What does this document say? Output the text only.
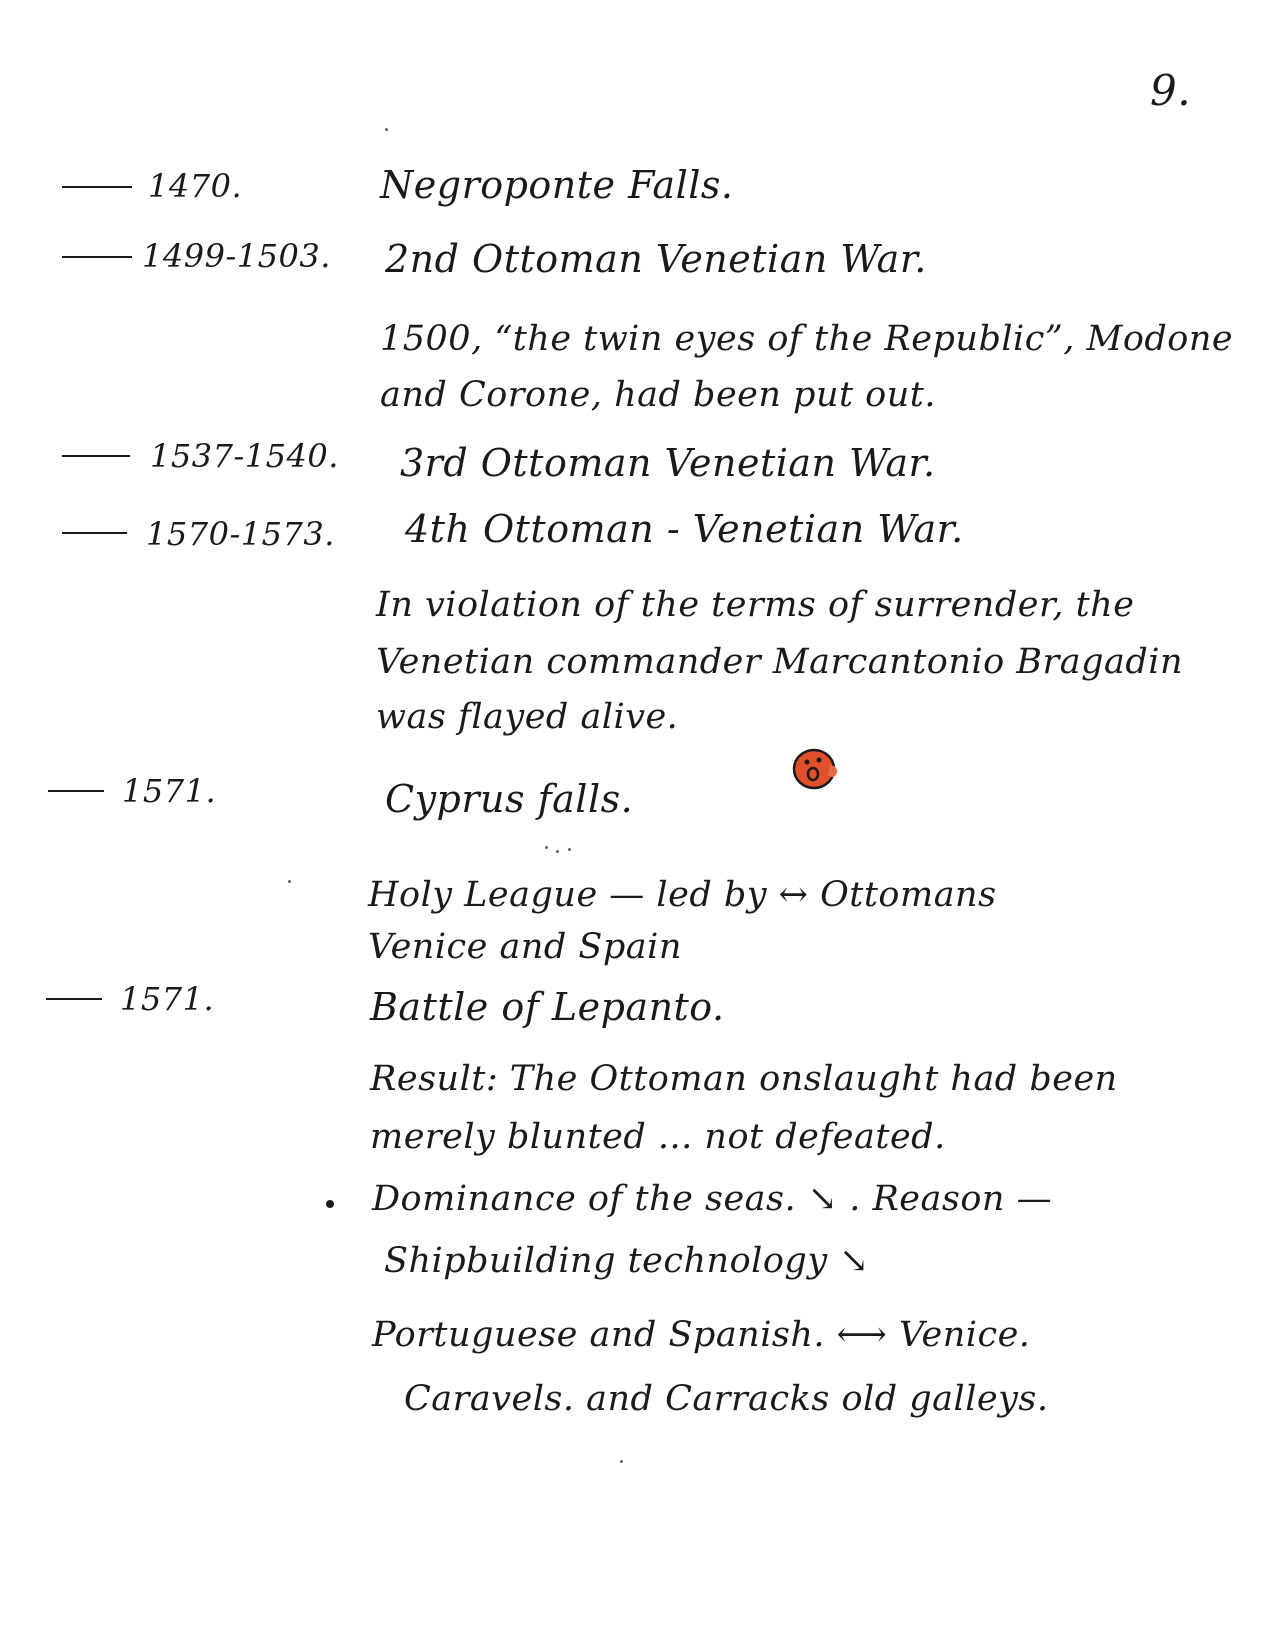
9.
1470.	Negroponte Falls.
1499-1503. 2nd Ottoman Venetian War.
1500, “the twin eyes of the Republic”, Modone
and Corone, had been put out.
1537-1540. 3rd Ottoman Venetian War.
1570-1573. 4th Ottoman - Venetian War.
In violation of the terms of surrender, the
Venetian commander Marcantonio Bragadin
was flayed alive.
1571.	Cyprus falls.
Holy League — led by ↔ Ottomans
Venice and Spain
1571.	Battle of Lepanto.
Result: The Ottoman onslaught had been
merely blunted ... not defeated.
Dominance of the seas. ↘ . Reason —
Shipbuilding technology ↘
Portuguese and Spanish. ⟷ Venice.
Caravels. and Carracks old galleys.
